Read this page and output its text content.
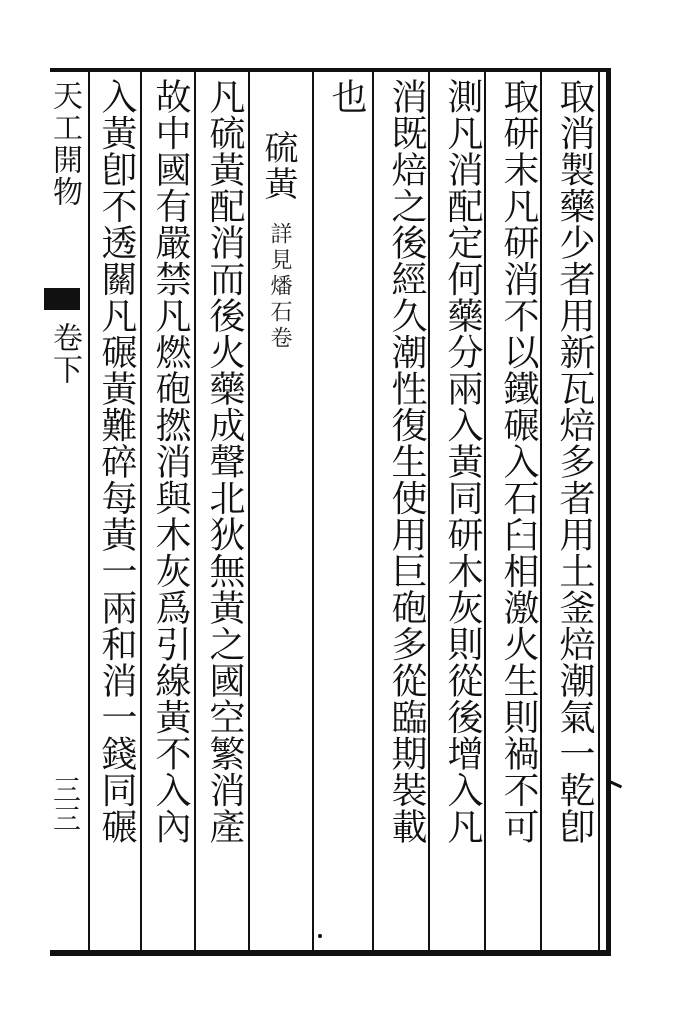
取消製藥少者用新瓦焙多者用土釜焙潮氣一乾卽
取研末凡研消不以鐵碾入石臼相激火生則禍不可
測凡消配定何藥分兩入黃同研木灰則從後增入凡
消既焙之後經久潮性復生使用巨砲多從臨期裝載
也
硫黃
詳見燔石卷
凡硫黃配消而後火藥成聲北狄無黃之國空繁消產
故中國有嚴禁凡燃砲撚消與木灰爲引線黃不入內
入黃卽不透關凡碾黃難碎每黃一兩和消一錢同碾
天工開物
卷下
三三
